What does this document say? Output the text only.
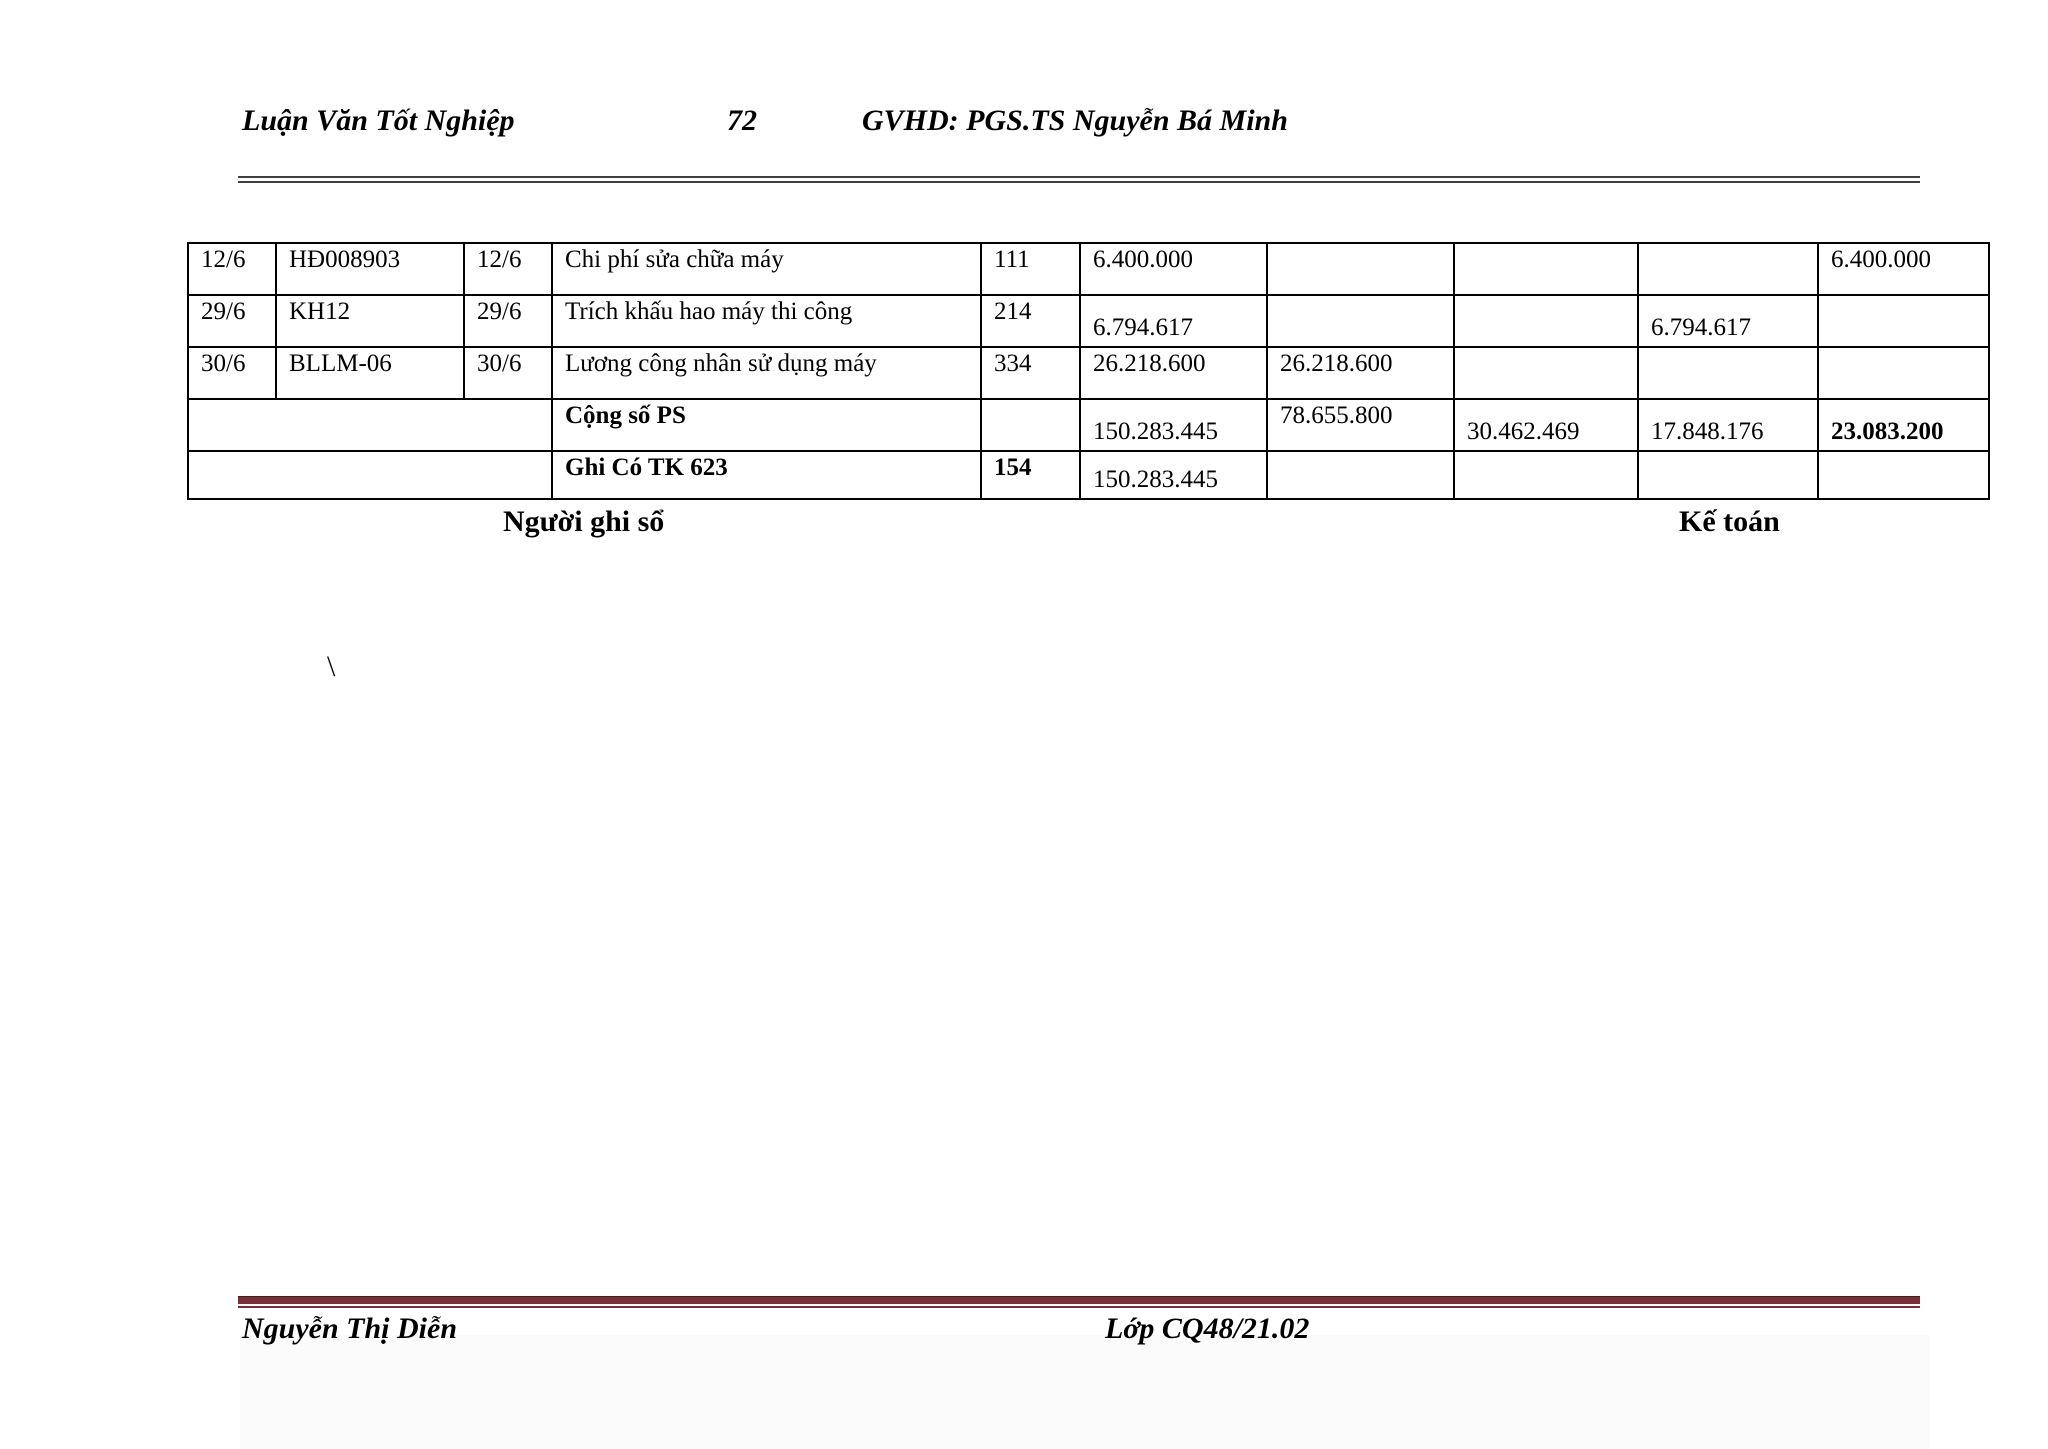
Luận Văn Tốt Nghiệp	72	GVHD: PGS.TS Nguyễn Bá Minh
12/6	HĐ008903	12/6	Chi phí sửa chữa máy	111	6.400.000				6.400.000
29/6	KH12	29/6	Trích khấu hao máy thi công	214	6.794.617			6.794.617	
30/6	BLLM-06	30/6	Lương công nhân sử dụng máy	334	26.218.600	26.218.600			
			Cộng số PS		150.283.445	78.655.800	30.462.469	17.848.176	23.083.200
			Ghi Có TK 623	154	150.283.445				
Người ghi sổ	Kế toán
\
Nguyễn Thị Diễn	Lớp CQ48/21.02
